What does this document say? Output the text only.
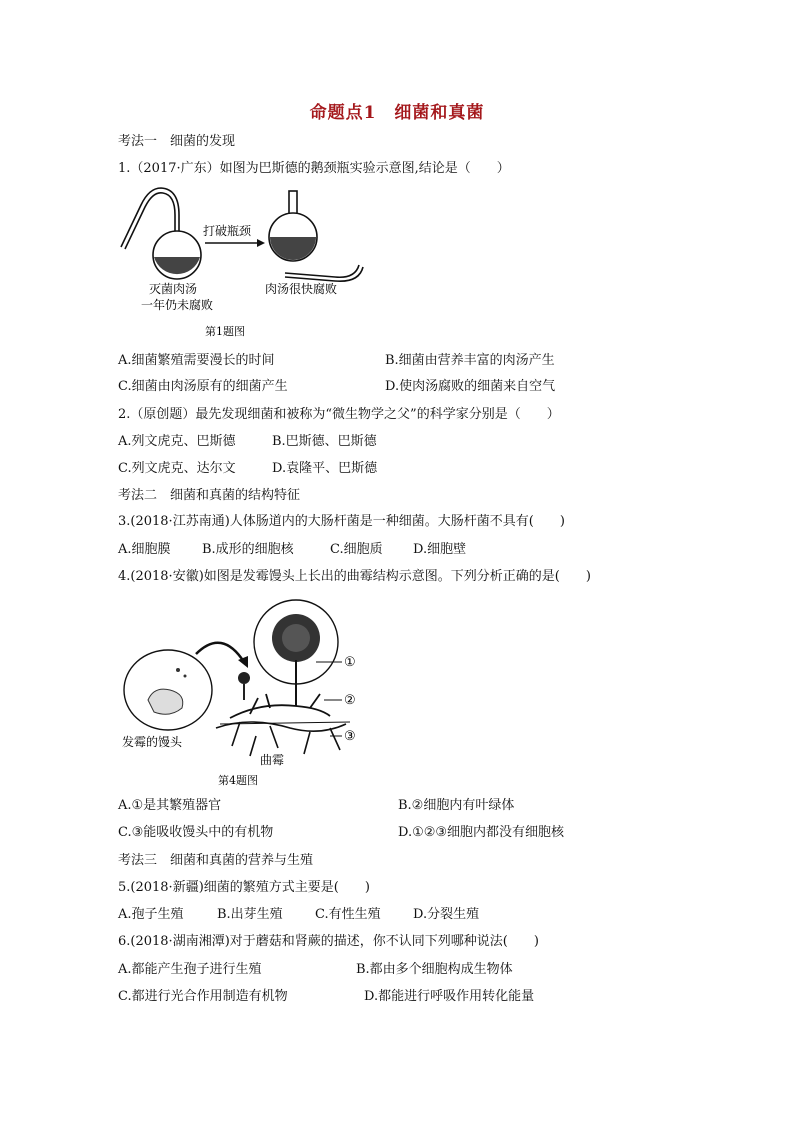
命题点1　细菌和真菌
考法一　细菌的发现
1.（2017·广东）如图为巴斯德的鹅颈瓶实验示意图,结论是（　　）
打破瓶颈
灭菌肉汤
一年仍未腐败
肉汤很快腐败
第1题图
A.细菌繁殖需要漫长的时间	B.细菌由营养丰富的肉汤产生
C.细菌由肉汤原有的细菌产生	D.使肉汤腐败的细菌来自空气
2.（原创题）最先发现细菌和被称为“微生物学之父”的科学家分别是（　　）
A.列文虎克、巴斯德	B.巴斯德、巴斯德
C.列文虎克、达尔文	D.袁隆平、巴斯德
考法二　细菌和真菌的结构特征
3.(2018·江苏南通)人体肠道内的大肠杆菌是一种细菌。大肠杆菌不具有(　　)
A.细胞膜 B.成形的细胞核	C.细胞质 D.细胞壁
4.(2018·安徽)如图是发霉馒头上长出的曲霉结构示意图。下列分析正确的是(　　)
①
②
③
发霉的馒头
曲霉
第4题图
A.①是其繁殖器官	B.②细胞内有叶绿体
C.③能吸收馒头中的有机物	D.①②③细胞内都没有细胞核
考法三　细菌和真菌的营养与生殖
5.(2018·新疆)细菌的繁殖方式主要是(　　)
A.孢子生殖	B.出芽生殖 C.有性生殖 D.分裂生殖
6.(2018·湖南湘潭)对于蘑菇和肾蕨的描述，你不认同下列哪种说法(　　)
A.都能产生孢子进行生殖	B.都由多个细胞构成生物体
C.都进行光合作用制造有机物	D.都能进行呼吸作用转化能量
